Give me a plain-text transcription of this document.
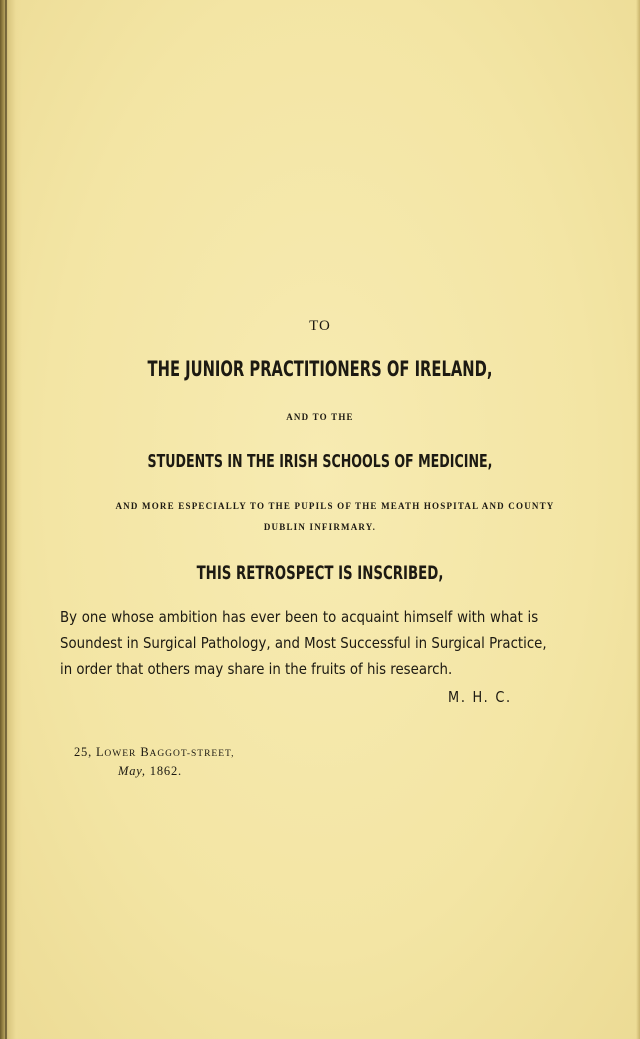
TO
THE JUNIOR PRACTITIONERS OF IRELAND,
AND TO THE
STUDENTS IN THE IRISH SCHOOLS OF MEDICINE,
AND MORE ESPECIALLY TO THE PUPILS OF THE MEATH HOSPITAL AND COUNTY
DUBLIN INFIRMARY.
THIS RETROSPECT IS INSCRIBED,
By one whose ambition has ever been to acquaint himself with what is
Soundest in Surgical Pathology, and Most Successful in Surgical Practice,
in order that others may share in the fruits of his research.
M. H. C.
25, LOWER BAGGOT-STREET,
May, 1862.
